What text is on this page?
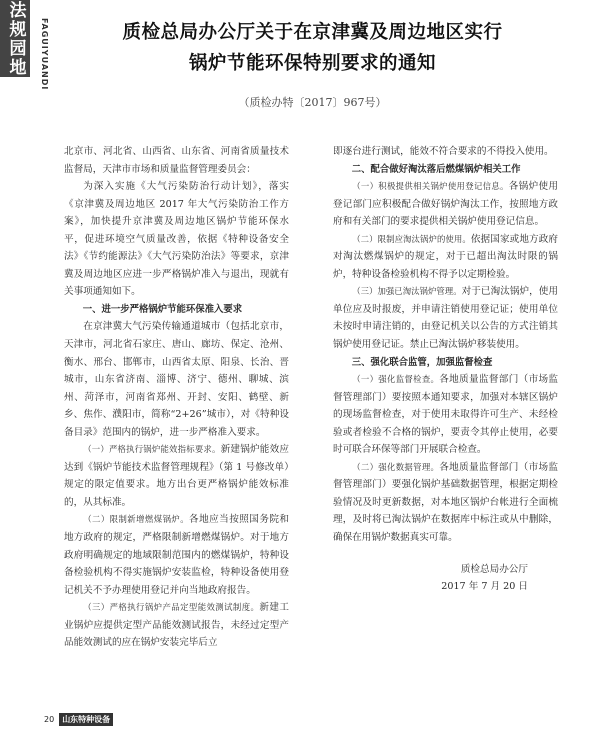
法规园地 FAGUIYUANDI	质检总局办公厅关于在京津冀及周边地区实行
锅炉节能环保特别要求的通知
（质检办特〔2017〕967号）

北京市、河北省、山西省、山东省、河南省质量技术监督局，天津市市场和质量监督管理委员会：

为深入实施《大气污染防治行动计划》，落实《京津冀及周边地区 2017 年大气污染防治工作方案》，加快提升京津冀及周边地区锅炉节能环保水平，促进环境空气质量改善，依据《特种设备安全法》《节约能源法》《大气污染防治法》等要求，京津冀及周边地区应进一步严格锅炉准入与退出，现就有关事项通知如下。

一、进一步严格锅炉节能环保准入要求

在京津冀大气污染传输通道城市（包括北京市，天津市，河北省石家庄、唐山、廊坊、保定、沧州、衡水、邢台、邯郸市，山西省太原、阳泉、长治、晋城市，山东省济南、淄博、济宁、德州、聊城、滨州、菏泽市，河南省郑州、开封、安阳、鹤壁、新乡、焦作、濮阳市，简称“2+26”城市），对《特种设备目录》范围内的锅炉，进一步严格准入要求。

（一）严格执行锅炉能效指标要求。新建锅炉能效应达到《锅炉节能技术监督管理规程》（第 1 号修改单）规定的限定值要求。地方出台更严格锅炉能效标准的，从其标准。

（二）限制新增燃煤锅炉。各地应当按照国务院和地方政府的规定，严格限制新增燃煤锅炉。对于地方政府明确规定的地域限制范围内的燃煤锅炉，特种设备检验机构不得实施锅炉安装监检，特种设备使用登记机关不予办理使用登记并向当地政府报告。

（三）严格执行锅炉产品定型能效测试制度。新建工业锅炉应提供定型产品能效测试报告，未经过定型产品能效测试的应在锅炉安装完毕后立

即逐台进行测试，能效不符合要求的不得投入使用。

二、配合做好淘汰落后燃煤锅炉相关工作

（一）积极提供相关锅炉使用登记信息。各锅炉使用登记部门应积极配合做好锅炉淘汰工作，按照地方政府和有关部门的要求提供相关锅炉使用登记信息。

（二）限制应淘汰锅炉的使用。依据国家或地方政府对淘汰燃煤锅炉的规定，对于已超出淘汰时限的锅炉，特种设备检验机构不得予以定期检验。

（三）加强已淘汰锅炉管理。对于已淘汰锅炉，使用单位应及时报废，并申请注销使用登记证；使用单位未按时申请注销的，由登记机关以公告的方式注销其锅炉使用登记证。禁止已淘汰锅炉移装使用。

三、强化联合监管，加强监督检查

（一）强化监督检查。各地质量监督部门（市场监督管理部门）要按照本通知要求，加强对本辖区锅炉的现场监督检查，对于使用未取得许可生产、未经检验或者检验不合格的锅炉，要责令其停止使用，必要时可联合环保等部门开展联合检查。

（二）强化数据管理。各地质量监督部门（市场监督管理部门）要强化锅炉基础数据管理，根据定期检验情况及时更新数据，对本地区锅炉台帐进行全面梳理，及时将已淘汰锅炉在数据库中标注或从中删除，确保在用锅炉数据真实可靠。

质检总局办公厅

2017 年 7 月 20 日

20	山东特种设备
